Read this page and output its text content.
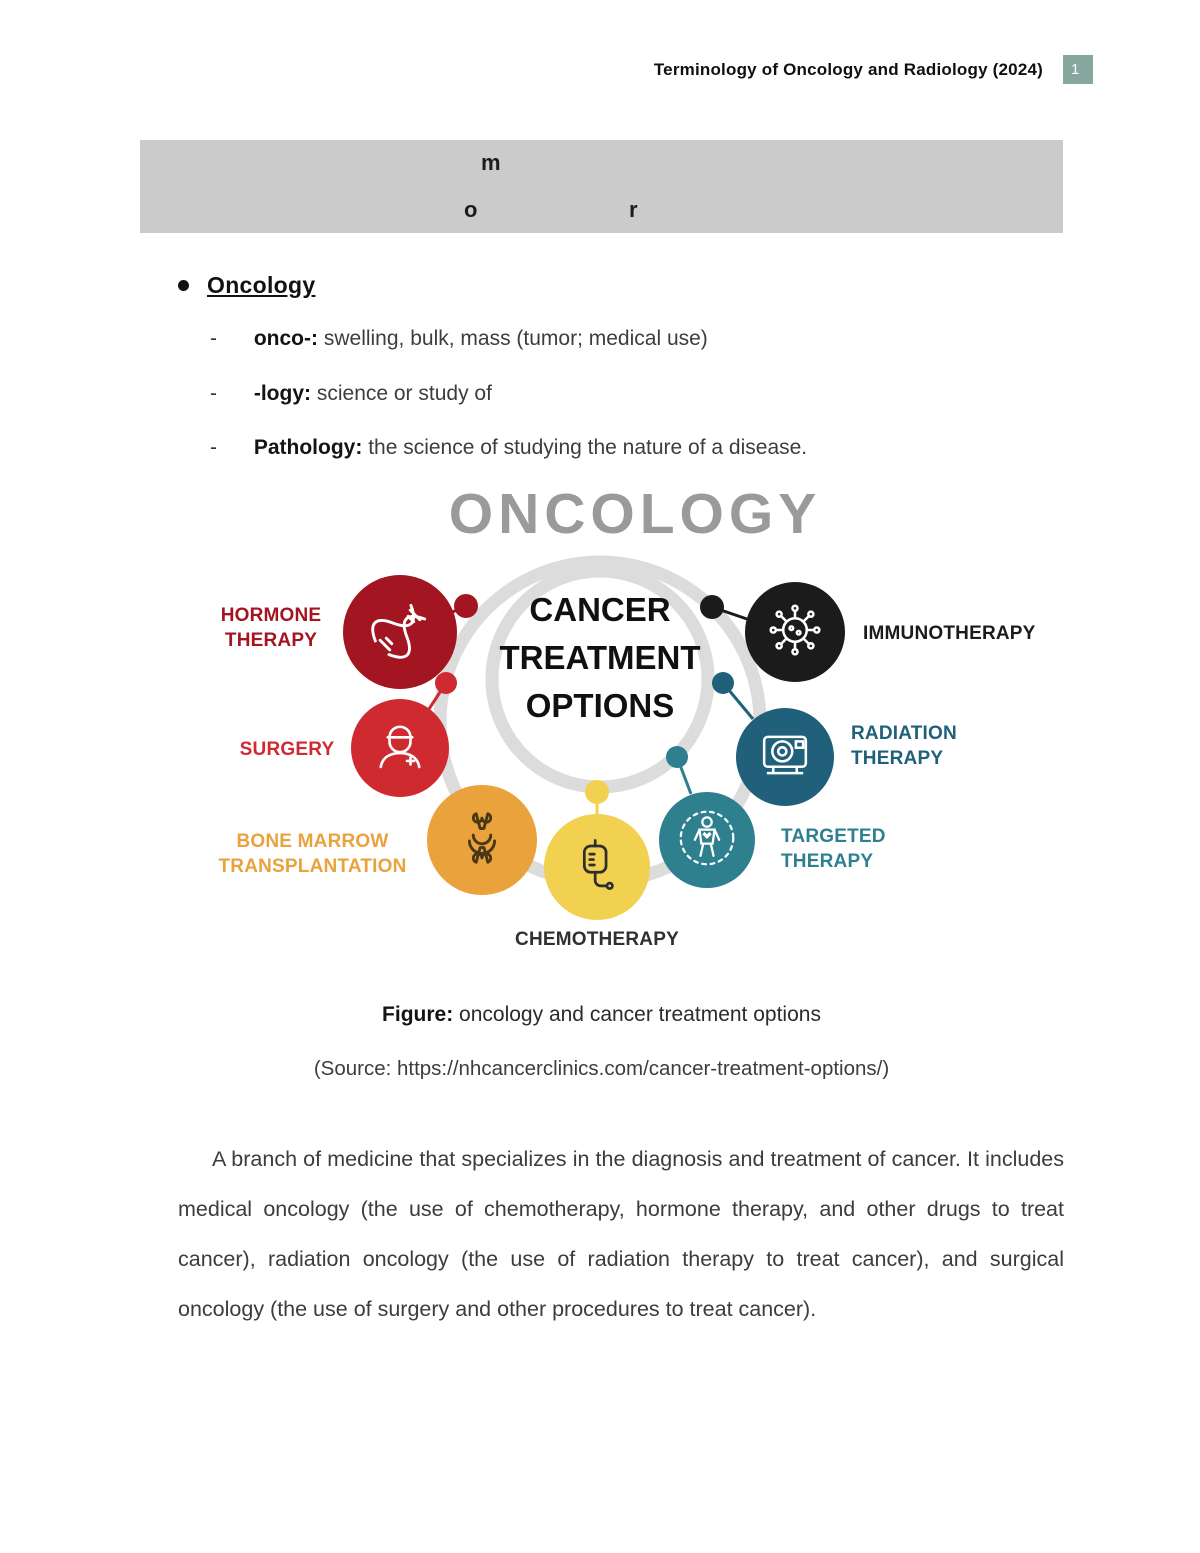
Terminology of Oncology and Radiology (2024) 1
m
o	r
Oncology
- onco-: swelling, bulk, mass (tumor; medical use)
- -logy: science or study of
- Pathology: the science of studying the nature of a disease.
ONCOLOGY
CANCER TREATMENT OPTIONS
HORMONE THERAPY	IMMUNOTHERAPY
SURGERY
RADIATION THERAPY
BONE MARROW TRANSPLANTATION
TARGETED THERAPY
CHEMOTHERAPY
Figure: oncology and cancer treatment options
(Source: https://nhcancerclinics.com/cancer-treatment-options/)
A branch of medicine that specializes in the diagnosis and treatment of cancer. It includes medical oncology (the use of chemotherapy, hormone therapy, and other drugs to treat cancer), radiation oncology (the use of radiation therapy to treat cancer), and surgical oncology (the use of surgery and other procedures to treat cancer).
